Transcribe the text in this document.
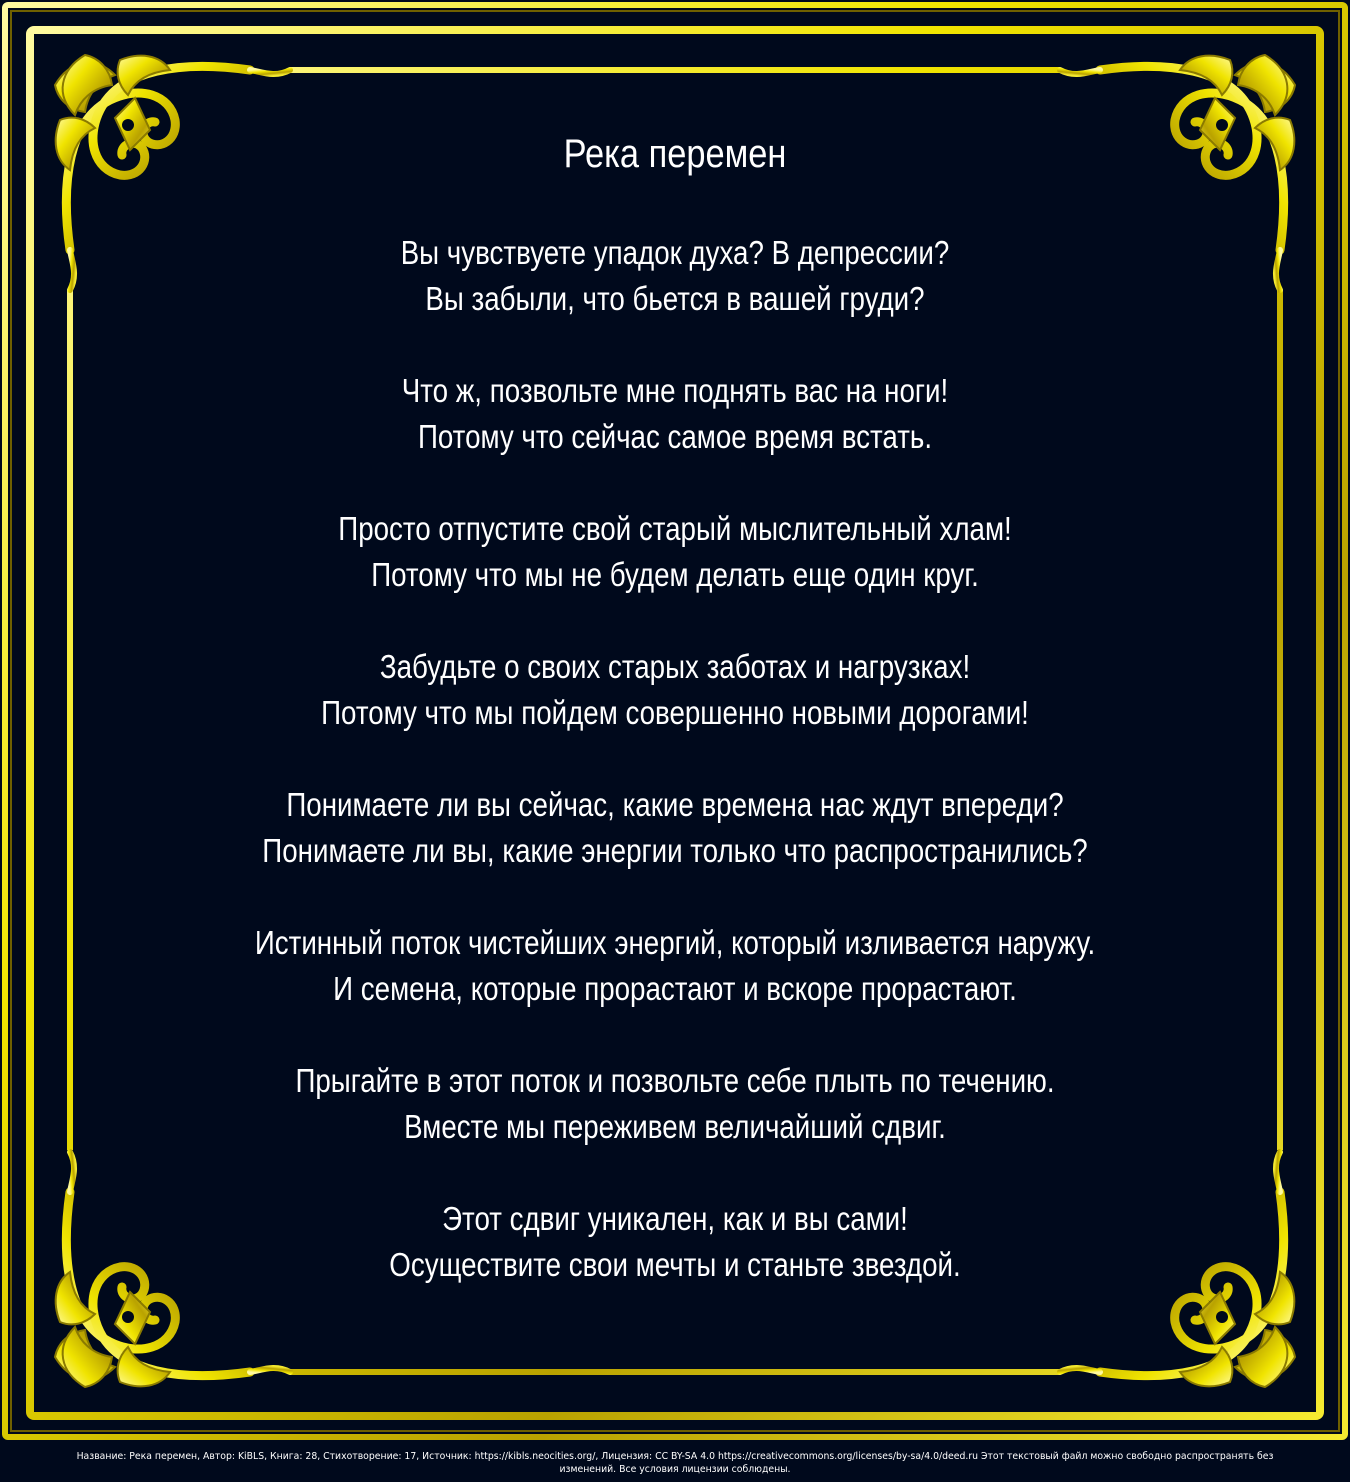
Река перемен
Вы чувствуете упадок духа? В депрессии?
Вы забыли, что бьется в вашей груди?
Что ж, позвольте мне поднять вас на ноги!
Потому что сейчас самое время встать.
Просто отпустите свой старый мыслительный хлам!
Потому что мы не будем делать еще один круг.
Забудьте о своих старых заботах и нагрузках!
Потому что мы пойдем совершенно новыми дорогами!
Понимаете ли вы сейчас, какие времена нас ждут впереди?
Понимаете ли вы, какие энергии только что распространились?
Истинный поток чистейших энергий, который изливается наружу.
И семена, которые прорастают и вскоре прорастают.
Прыгайте в этот поток и позвольте себе плыть по течению.
Вместе мы переживем величайший сдвиг.
Этот сдвиг уникален, как и вы сами!
Осуществите свои мечты и станьте звездой.
Название: Река перемен, Автор: KiBLS, Книга: 28, Стихотворение: 17, Источник: https://kibls.neocities.org/, Лицензия: CC BY-SA 4.0 https://creativecommons.org/licenses/by-sa/4.0/deed.ru Этот текстовый файл можно свободно распространять без
изменений. Все условия лицензии соблюдены.
